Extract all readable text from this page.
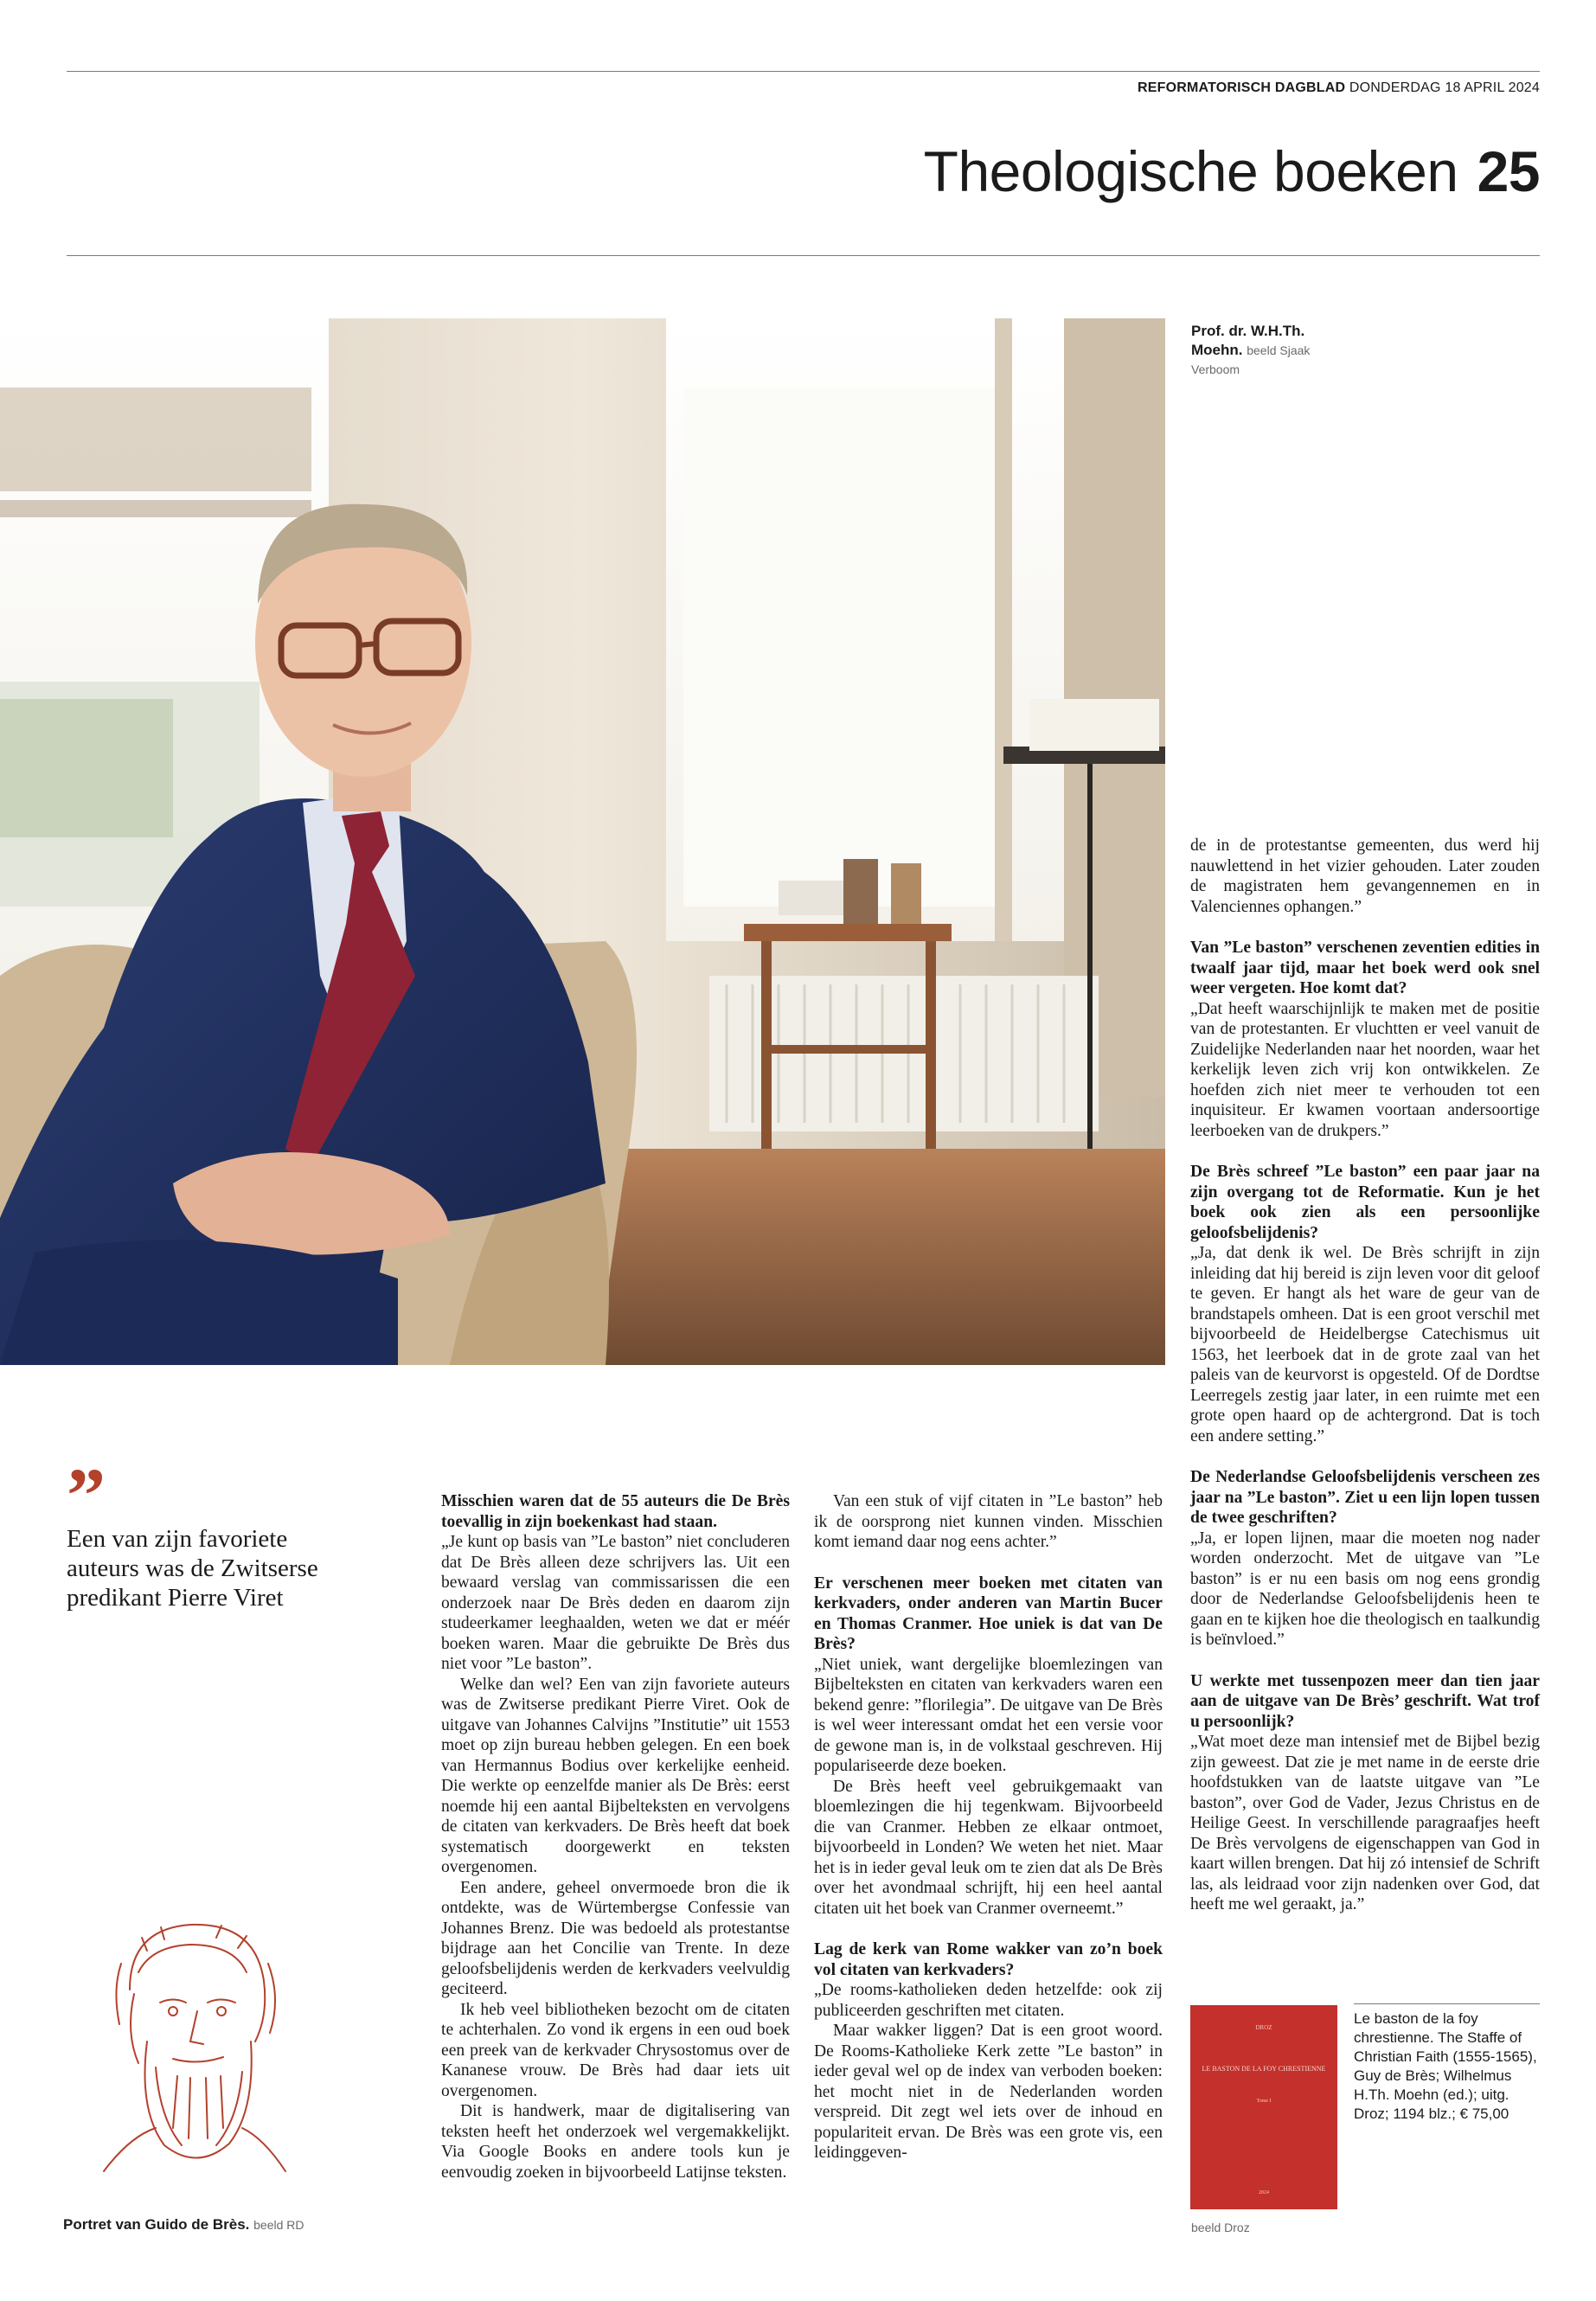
REFORMATORISCH DAGBLAD DONDERDAG 18 APRIL 2024
Theologische boeken 25
Prof. dr. W.H.Th. Moehn. beeld Sjaak Verboom
”
Een van zijn favoriete auteurs was de Zwitserse predikant Pierre Viret
Portret van Guido de Brès. beeld RD

Misschien waren dat de 55 auteurs die De Brès toevallig in zijn boekenkast had staan.

„Je kunt op basis van ”Le baston” niet concluderen dat De Brès alleen deze schrijvers las. Uit een bewaard verslag van commissarissen die een onderzoek naar De Brès deden en daarom zijn studeerkamer leeghaalden, weten we dat er méér boeken waren. Maar die gebruikte De Brès dus niet voor ”Le baston”.

Welke dan wel? Een van zijn favoriete auteurs was de Zwitserse predikant Pierre Viret. Ook de uitgave van Johannes Calvijns ”Institutie” uit 1553 moet op zijn bureau hebben gelegen. En een boek van Hermannus Bodius over kerkelijke eenheid. Die werkte op eenzelfde manier als De Brès: eerst noemde hij een aantal Bijbelteksten en vervolgens de citaten van kerkvaders. De Brès heeft dat boek systematisch doorgewerkt en teksten overgenomen.

Een andere, geheel onvermoede bron die ik ontdekte, was de Würtembergse Confessie van Johannes Brenz. Die was bedoeld als protestantse bijdrage aan het Concilie van Trente. In deze geloofsbelijdenis werden de kerkvaders veelvuldig geciteerd.

Ik heb veel bibliotheken bezocht om de citaten te achterhalen. Zo vond ik ergens in een oud boek een preek van de kerkvader Chrysostomus over de Kananese vrouw. De Brès had daar iets uit overgenomen.

Dit is handwerk, maar de digitalisering van teksten heeft het onderzoek wel vergemakkelijkt. Via Google Books en andere tools kun je eenvoudig zoeken in bijvoorbeeld Latijnse teksten.

Van een stuk of vijf citaten in ”Le baston” heb ik de oorsprong niet kunnen vinden. Misschien komt iemand daar nog eens achter.”

Er verschenen meer boeken met citaten van kerkvaders, onder anderen van Martin Bucer en Thomas Cranmer. Hoe uniek is dat van De Brès?

„Niet uniek, want dergelijke bloemlezingen van Bijbelteksten en citaten van kerkvaders waren een bekend genre: ”florilegia”. De uitgave van De Brès is wel weer interessant omdat het een versie voor de gewone man is, in de volkstaal geschreven. Hij populariseerde deze boeken.

De Brès heeft veel gebruikgemaakt van bloemlezingen die hij tegenkwam. Bijvoorbeeld die van Cranmer. Hebben ze elkaar ontmoet, bijvoorbeeld in Londen? We weten het niet. Maar het is in ieder geval leuk om te zien dat als De Brès over het avondmaal schrijft, hij een heel aantal citaten uit het boek van Cranmer overneemt.”

Lag de kerk van Rome wakker van zo’n boek vol citaten van kerkvaders?

„De rooms-katholieken deden hetzelfde: ook zij publiceerden geschriften met citaten.

Maar wakker liggen? Dat is een groot woord. De Rooms-Katholieke Kerk zette ”Le baston” in ieder geval wel op de index van verboden boeken: het mocht niet in de Nederlanden worden verspreid. Dit zegt wel iets over de inhoud en populariteit ervan. De Brès was een grote vis, een leidinggeven-

de in de protestantse gemeenten, dus werd hij nauwlettend in het vizier gehouden. Later zouden de magistraten hem gevangennemen en in Valenciennes ophangen.”

Van ”Le baston” verschenen zeventien edities in twaalf jaar tijd, maar het boek werd ook snel weer vergeten. Hoe komt dat?

„Dat heeft waarschijnlijk te maken met de positie van de protestanten. Er vluchtten er veel vanuit de Zuidelijke Nederlanden naar het noorden, waar het kerkelijk leven zich vrij kon ontwikkelen. Ze hoefden zich niet meer te verhouden tot een inquisiteur. Er kwamen voortaan andersoortige leerboeken van de drukpers.”

De Brès schreef ”Le baston” een paar jaar na zijn overgang tot de Reformatie. Kun je het boek ook zien als een persoonlijke geloofsbelijdenis?

„Ja, dat denk ik wel. De Brès schrijft in zijn inleiding dat hij bereid is zijn leven voor dit geloof te geven. Er hangt als het ware de geur van de brandstapels omheen. Dat is een groot verschil met bijvoorbeeld de Heidelbergse Catechismus uit 1563, het leerboek dat in de grote zaal van het paleis van de keurvorst is opgesteld. Of de Dordtse Leerregels zestig jaar later, in een ruimte met een grote open haard op de achtergrond. Dat is toch een andere setting.”

De Nederlandse Geloofsbelijdenis verscheen zes jaar na ”Le baston”. Ziet u een lijn lopen tussen de twee geschriften?

„Ja, er lopen lijnen, maar die moeten nog nader worden onderzocht. Met de uitgave van ”Le baston” is er nu een basis om nog eens grondig door de Nederlandse Geloofsbelijdenis heen te gaan en te kijken hoe die theologisch en taalkundig is beïnvloed.”

U werkte met tussenpozen meer dan tien jaar aan de uitgave van De Brès’ geschrift. Wat trof u persoonlijk?

„Wat moet deze man intensief met de Bijbel bezig zijn geweest. Dat zie je met name in de eerste drie hoofdstukken van de laatste uitgave van ”Le baston”, over God de Vader, Jezus Christus en de Heilige Geest. In verschillende paragraafjes heeft De Brès vervolgens de eigenschappen van God in kaart willen brengen. Dat hij zó intensief de Schrift las, als leidraad voor zijn nadenken over God, dat heeft me wel geraakt, ja.”

DROZ
LE BASTON DE LA FOY CHRESTIENNE
Tome I
2024
Le baston de la foy chrestienne. The Staffe of Christian Faith (1555-1565), Guy de Brès; Wilhelmus H.Th. Moehn (ed.); uitg. Droz; 1194 blz.; € 75,00
beeld Droz
